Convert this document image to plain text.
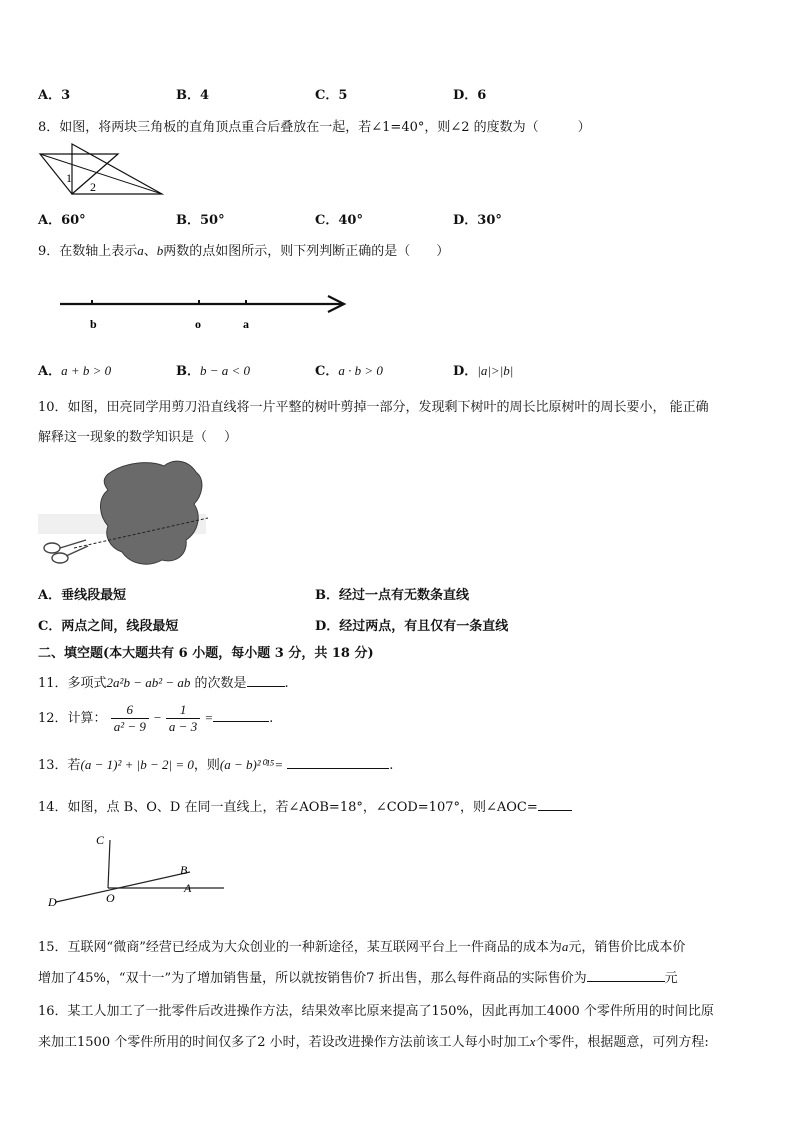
A．3	B．4	C．5	D．6
8．如图，将两块三角板的直角顶点重合后叠放在一起，若∠1=40°，则∠2 的度数为（　　　）
1
2
A．60°	B．50°	C．40°	D．30°
9．在数轴上表示a、b两数的点如图所示，则下列判断正确的是（　　）
b	o	a
A．a + b > 0	B．b − a < 0	C．a · b > 0	D．|a|>|b|
10．如图，田亮同学用剪刀沿直线将一片平整的树叶剪掉一部分，发现剩下树叶的周长比原树叶的周长要小， 能正确
解释这一现象的数学知识是（　 ）
A．垂线段最短	B．经过一点有无数条直线
C．两点之间，线段最短	D．经过两点，有且仅有一条直线
二、填空题(本大题共有 6 小题，每小题 3 分，共 18 分)
11．多项式2a²b − ab² − ab 的次数是	.
12．计算： $\frac{6}{\text{a² − 9}} - \frac{1}{a - 3}$ =	.
13．若(a − 1)² + |b − 2| = 0，则(a − b)²⁰¹⁵=	.
14．如图，点 B、O、D 在同一直线上，若∠AOB=18°，∠COD=107°，则∠AOC=
C
B
A
O
D
15．互联网“微商”经营已经成为大众创业的一种新途径，某互联网平台上一件商品的成本为a元，销售价比成本价
增加了45%，“双十一”为了增加销售量，所以就按销售价7 折出售，那么每件商品的实际售价为	元
16．某工人加工了一批零件后改进操作方法，结果效率比原来提高了150%，因此再加工4000 个零件所用的时间比原
来加工1500 个零件所用的时间仅多了2 小时，若设改进操作方法前该工人每小时加工x个零件，根据题意，可列方程:
